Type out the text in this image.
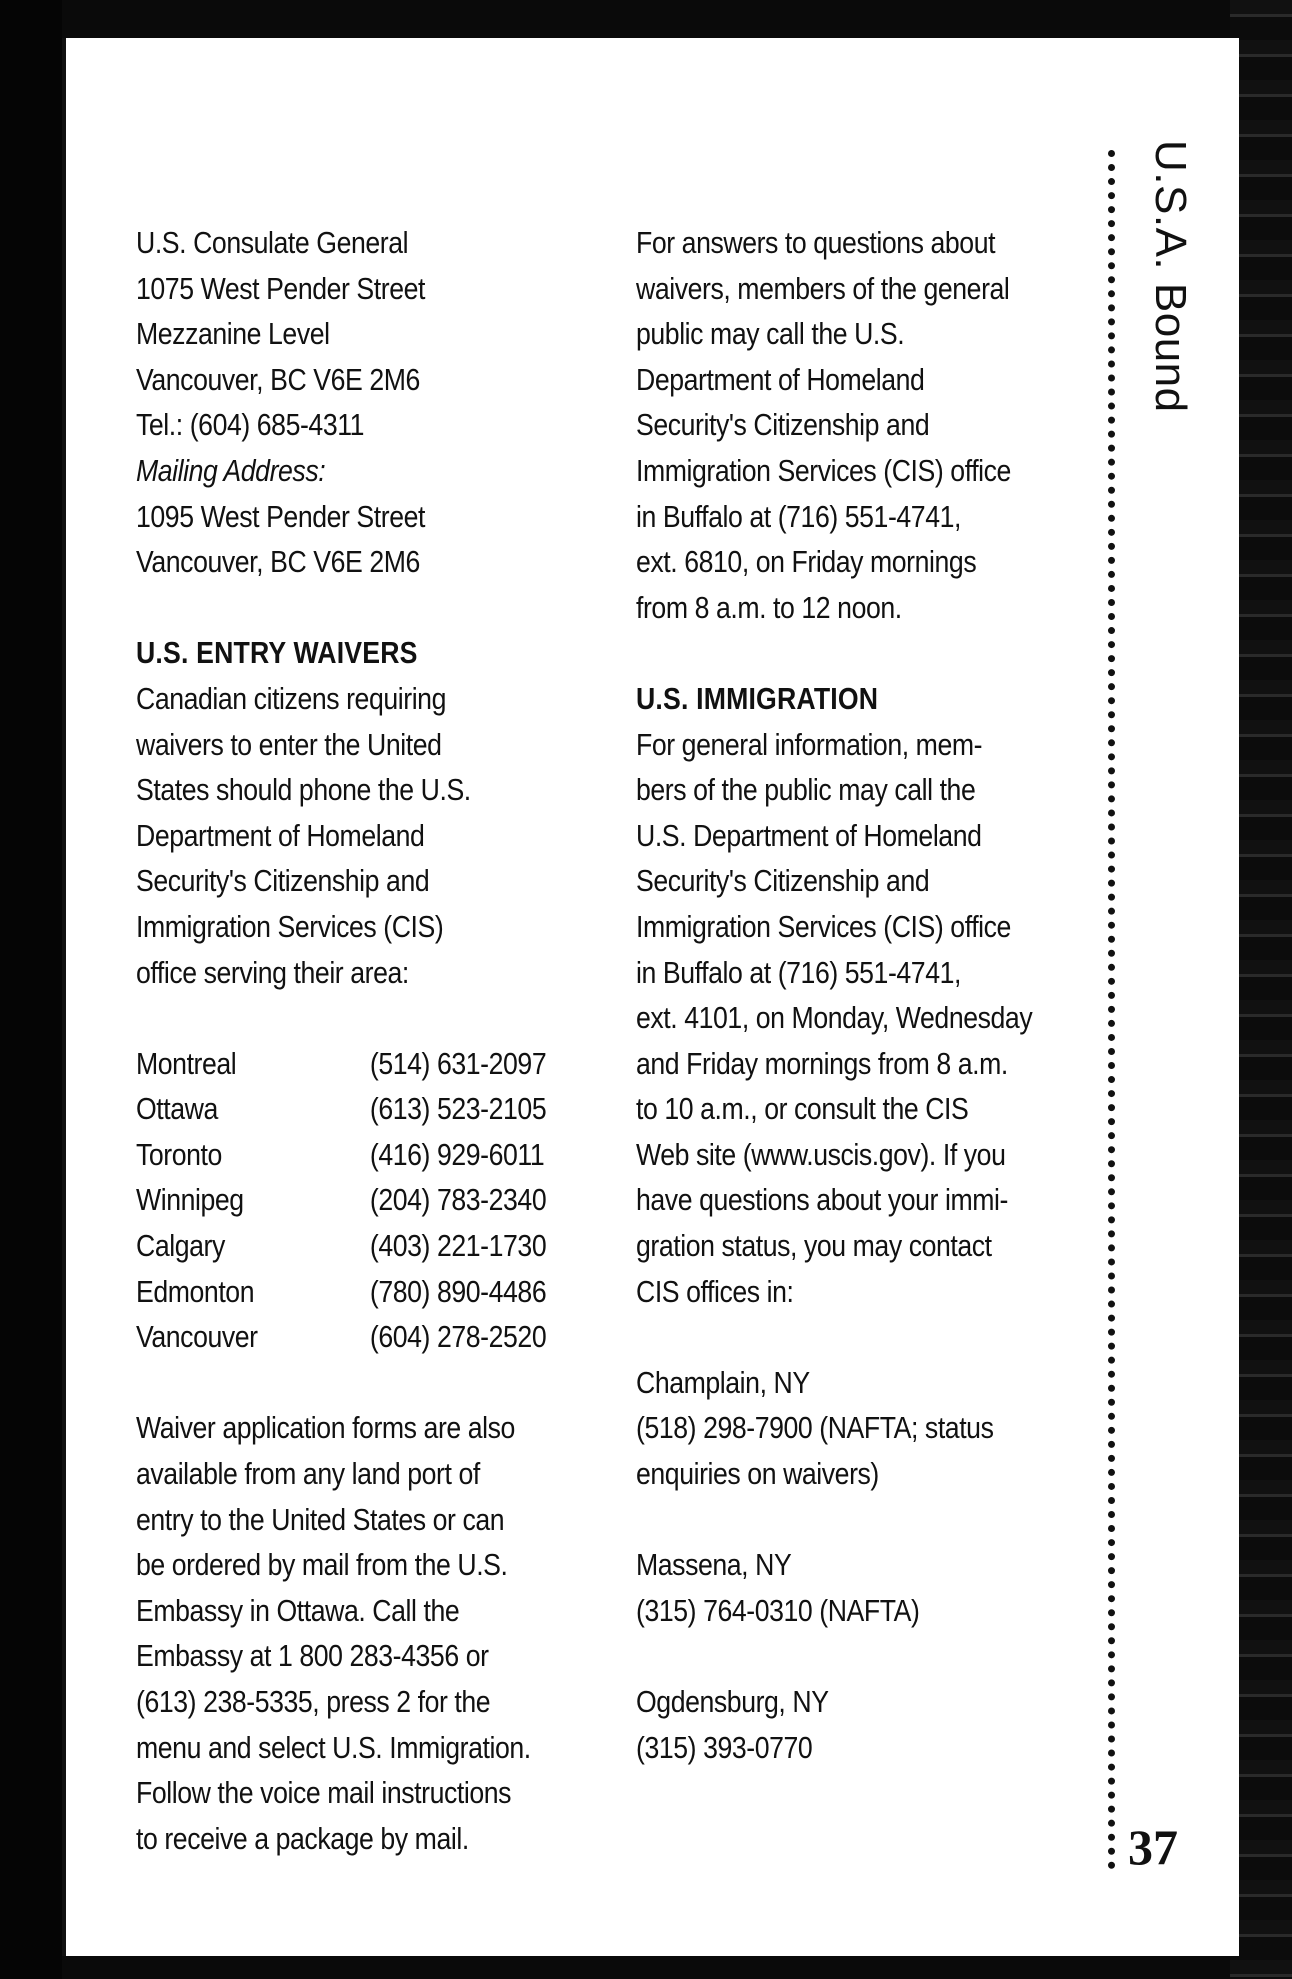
U.S. Consulate General
1075 West Pender Street
Mezzanine Level
Vancouver, BC V6E 2M6
Tel.: (604) 685-4311
Mailing Address:
1095 West Pender Street
Vancouver, BC V6E 2M6
U.S. ENTRY WAIVERS
Canadian citizens requiring
waivers to enter the United
States should phone the U.S.
Department of Homeland
Security's Citizenship and
Immigration Services (CIS)
office serving their area:
Montreal	(514) 631-2097
Ottawa	(613) 523-2105
Toronto	(416) 929-6011
Winnipeg	(204) 783-2340
Calgary	(403) 221-1730
Edmonton	(780) 890-4486
Vancouver	(604) 278-2520
Waiver application forms are also
available from any land port of
entry to the United States or can
be ordered by mail from the U.S.
Embassy in Ottawa. Call the
Embassy at 1 800 283-4356 or
(613) 238-5335, press 2 for the
menu and select U.S. Immigration.
Follow the voice mail instructions
to receive a package by mail.
For answers to questions about
waivers, members of the general
public may call the U.S.
Department of Homeland
Security's Citizenship and
Immigration Services (CIS) office
in Buffalo at (716) 551-4741,
ext. 6810, on Friday mornings
from 8 a.m. to 12 noon.
U.S. IMMIGRATION
For general information, mem-
bers of the public may call the
U.S. Department of Homeland
Security's Citizenship and
Immigration Services (CIS) office
in Buffalo at (716) 551-4741,
ext. 4101, on Monday, Wednesday
and Friday mornings from 8 a.m.
to 10 a.m., or consult the CIS
Web site (www.uscis.gov). If you
have questions about your immi-
gration status, you may contact
CIS offices in:
Champlain, NY
(518) 298-7900 (NAFTA; status
enquiries on waivers)
Massena, NY
(315) 764-0310 (NAFTA)
Ogdensburg, NY
(315) 393-0770
U.S.A. Bound
37
